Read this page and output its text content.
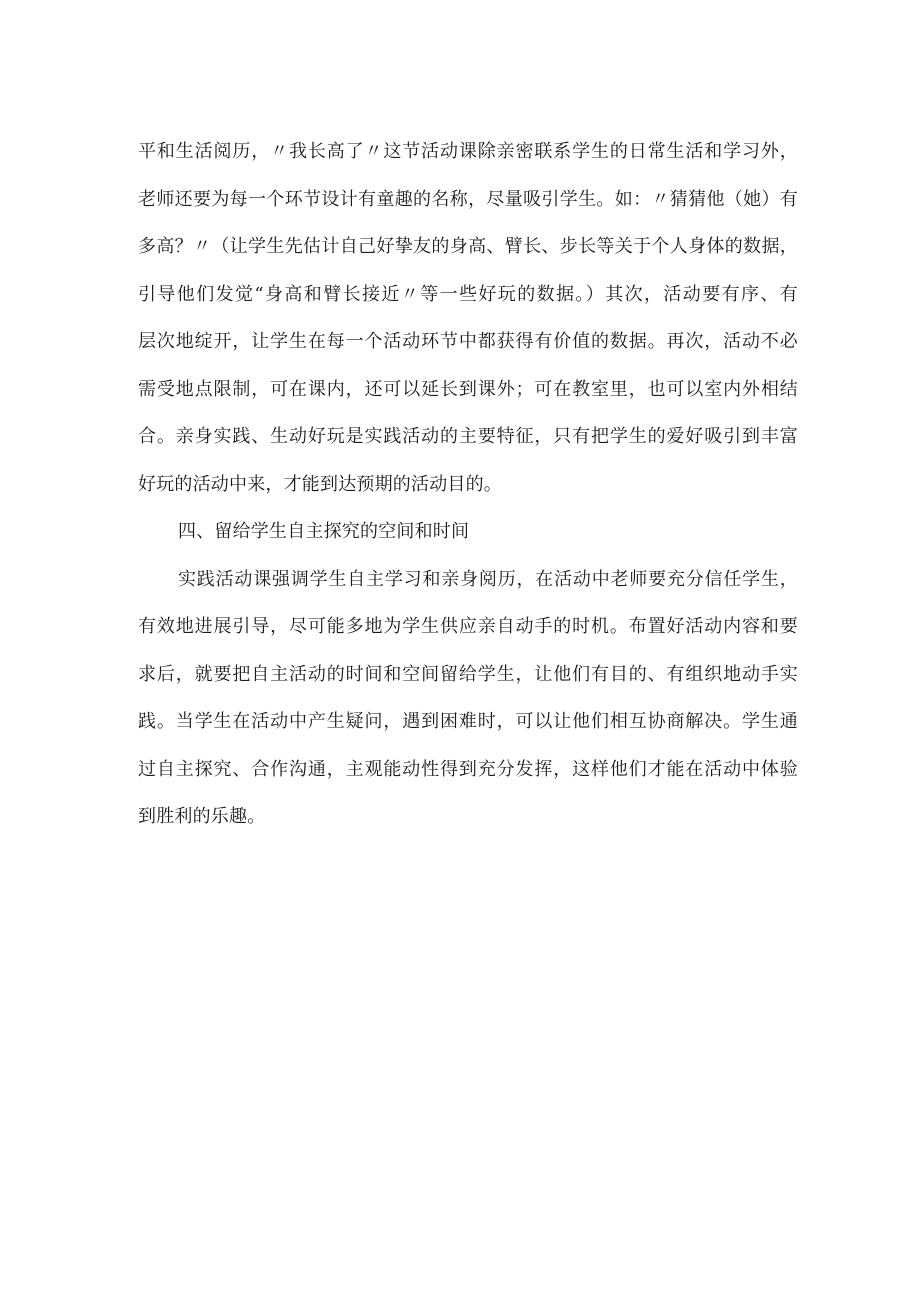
平和生活阅历，〃我长高了〃这节活动课除亲密联系学生的日常生活和学习外，
老师还要为每一个环节设计有童趣的名称，尽量吸引学生。如：〃猜猜他（她）有
多高？〃（让学生先估计自己好挚友的身高、臂长、步长等关于个人身体的数据，
引导他们发觉“身高和臂长接近〃等一些好玩的数据。）其次，活动要有序、有
层次地绽开，让学生在每一个活动环节中都获得有价值的数据。再次，活动不必
需受地点限制，可在课内，还可以延长到课外；可在教室里，也可以室内外相结
合。亲身实践、生动好玩是实践活动的主要特征，只有把学生的爱好吸引到丰富
好玩的活动中来，才能到达预期的活动目的。
四、留给学生自主探究的空间和时间
实践活动课强调学生自主学习和亲身阅历，在活动中老师要充分信任学生，
有效地进展引导，尽可能多地为学生供应亲自动手的时机。布置好活动内容和要
求后，就要把自主活动的时间和空间留给学生，让他们有目的、有组织地动手实
践。当学生在活动中产生疑问，遇到困难时，可以让他们相互协商解决。学生通
过自主探究、合作沟通，主观能动性得到充分发挥，这样他们才能在活动中体验
到胜利的乐趣。
